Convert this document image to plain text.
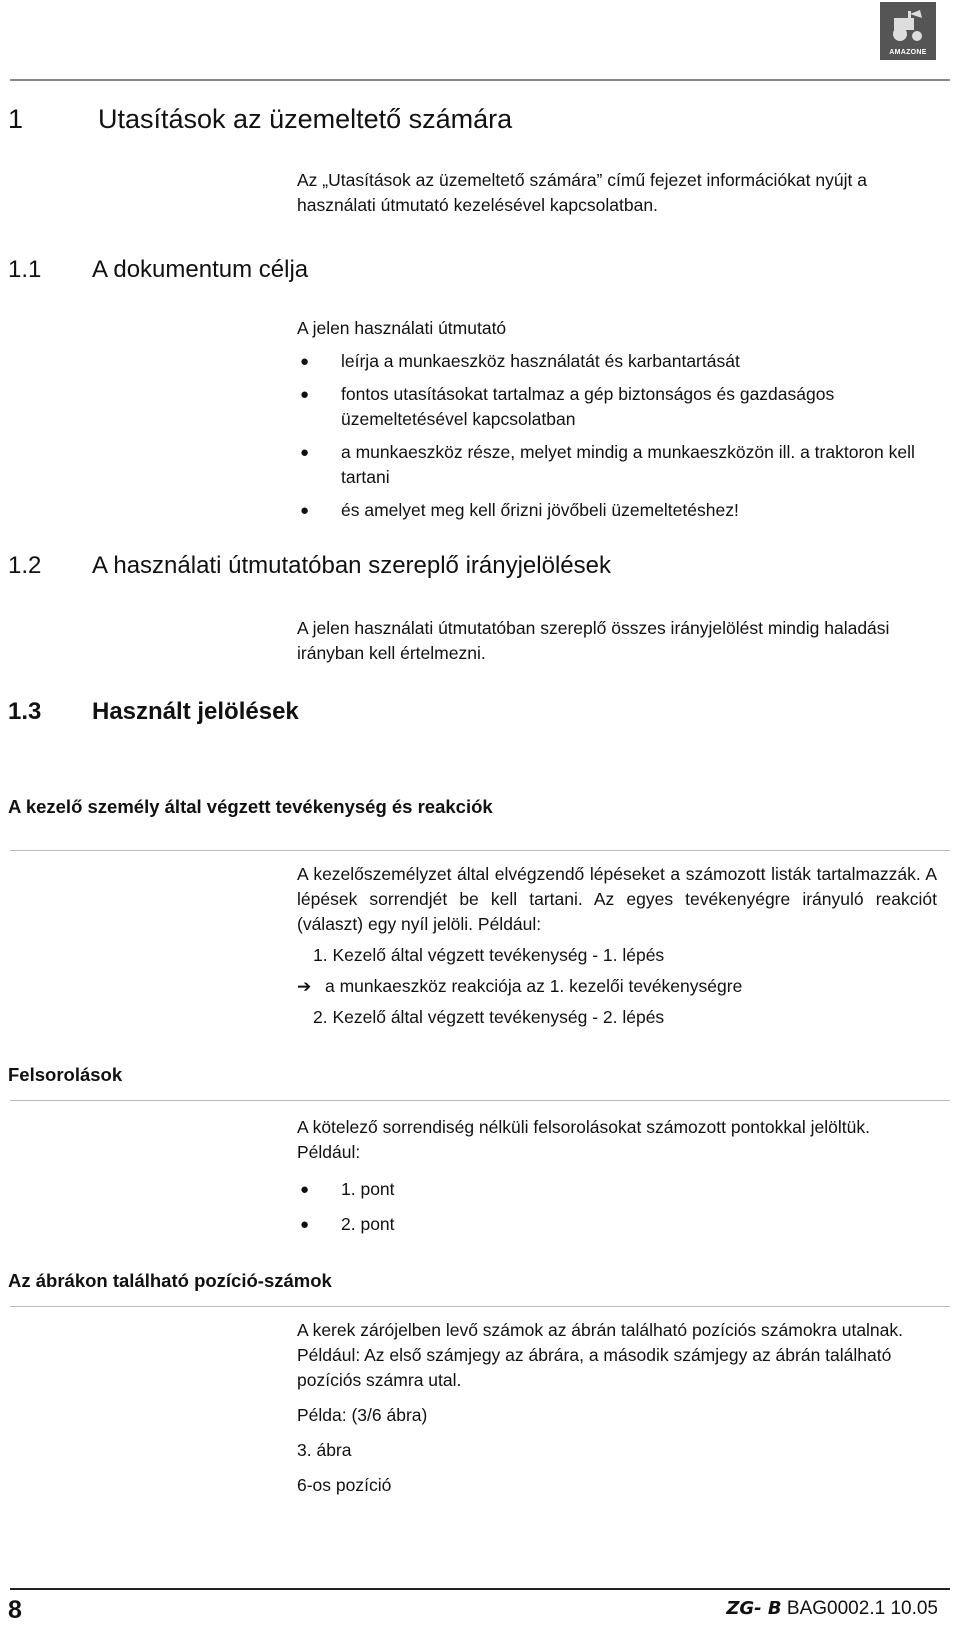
AMAZONE
1	Utasítások az üzemeltető számára
Az „Utasítások az üzemeltető számára” című fejezet információkat nyújt a használati útmutató kezelésével kapcsolatban.
1.1 A dokumentum célja

A jelen használati útmutató

● leírja a munkaeszköz használatát és karbantartását

● fontos utasításokat tartalmaz a gép biztonságos és gazdaságos üzemeltetésével kapcsolatban

● a munkaeszköz része, melyet mindig a munkaeszközön ill. a traktoron kell tartani

● és amelyet meg kell őrizni jövőbeli üzemeltetéshez!

1.2 A használati útmutatóban szereplő irányjelölések
A jelen használati útmutatóban szereplő összes irányjelölést mindig haladási irányban kell értelmezni.
1.3 Használt jelölések
A kezelő személy által végzett tevékenység és reakciók

A kezelőszemélyzet által elvégzendő lépéseket a számozott listák tartalmazzák. A lépések sorrendjét be kell tartani. Az egyes tevékenyégre irányuló reakciót (választ) egy nyíl jelöli. Például:

1. Kezelő által végzett tevékenység - 1. lépés

➔ a munkaeszköz reakciója az 1. kezelői tevékenységre

2. Kezelő által végzett tevékenység - 2. lépés

Felsorolások

A kötelező sorrendiség nélküli felsorolásokat számozott pontokkal jelöltük. Például:

● 1. pont

● 2. pont

Az ábrákon található pozíció-számok

A kerek zárójelben levő számok az ábrán található pozíciós számokra utalnak. Például: Az első számjegy az ábrára, a második számjegy az ábrán található pozíciós számra utal.

Példa: (3/6 ábra)

3. ábra

6-os pozíció

8	ZG- B BAG0002.1 10.05
